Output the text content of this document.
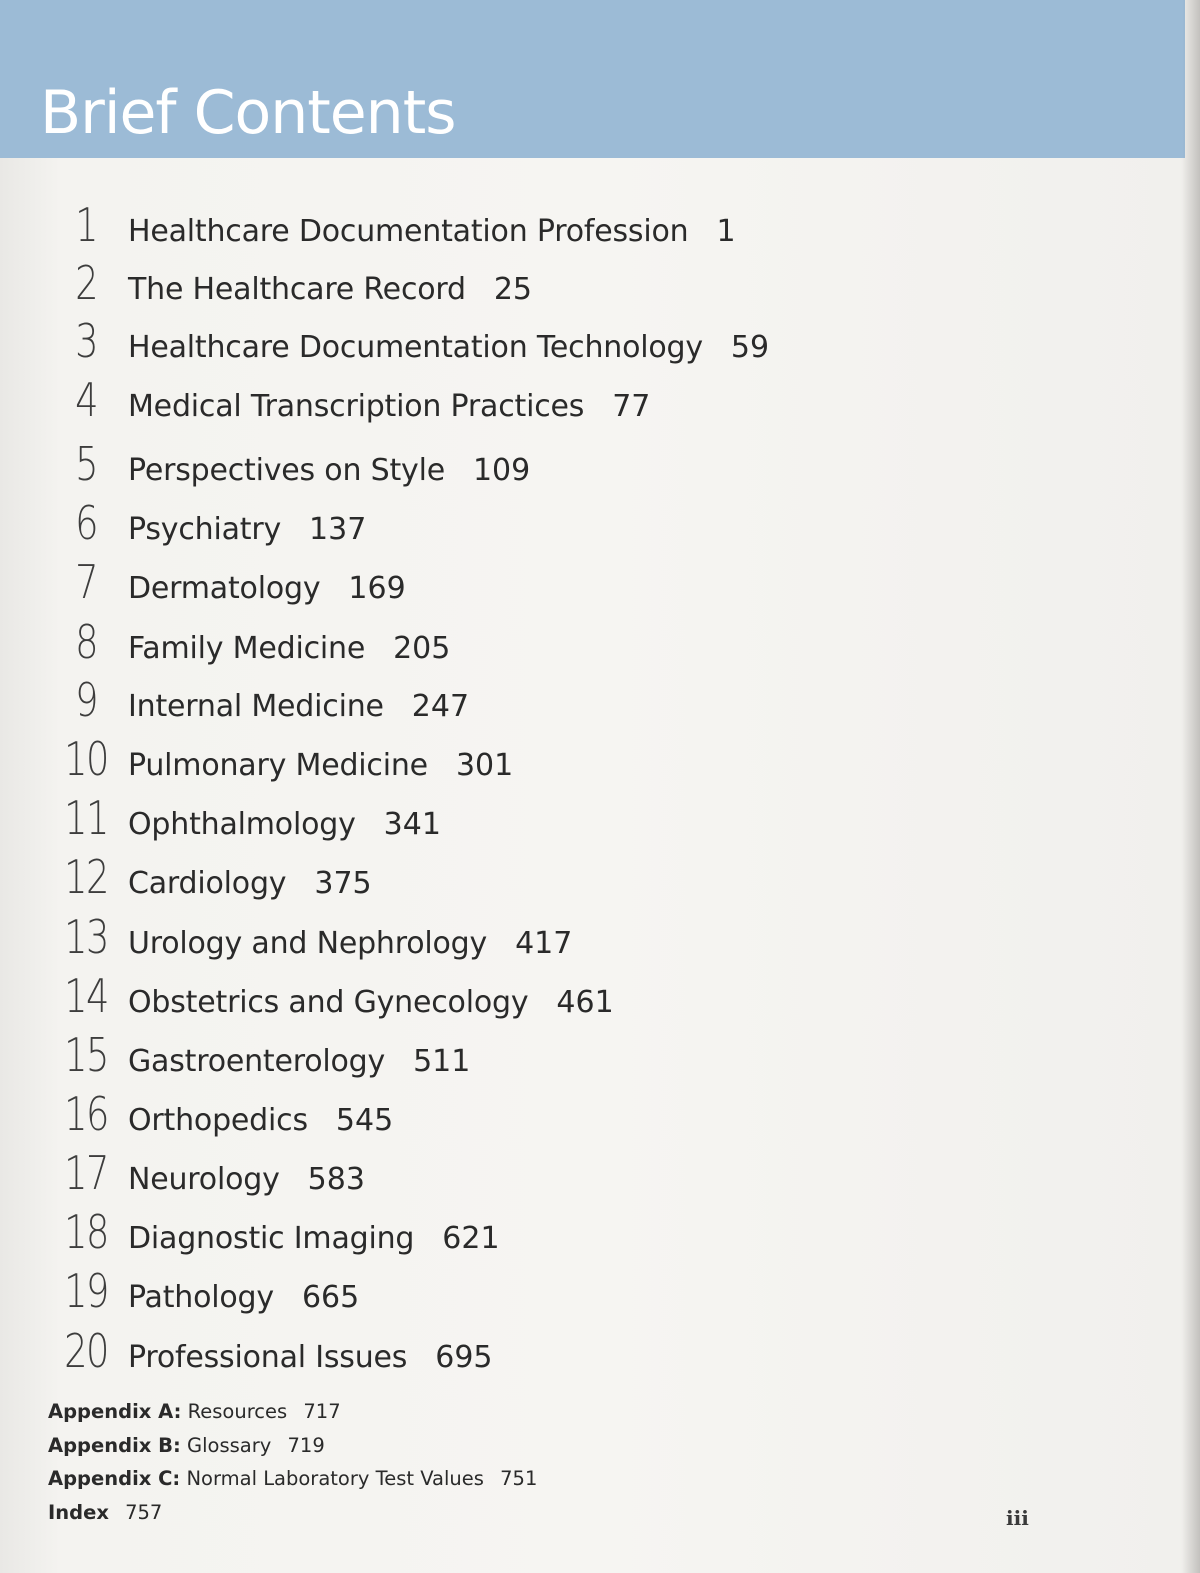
Brief Contents
1	Healthcare Documentation Profession 1
2	The Healthcare Record 25
3	Healthcare Documentation Technology 59
4	Medical Transcription Practices 77
5	Perspectives on Style 109
6	Psychiatry 137
7	Dermatology 169
8	Family Medicine 205
9	Internal Medicine 247
10 Pulmonary Medicine 301
11 Ophthalmology 341
12 Cardiology 375
13 Urology and Nephrology 417
14 Obstetrics and Gynecology 461
15 Gastroenterology 511
16 Orthopedics 545
17 Neurology 583
18 Diagnostic Imaging 621
19 Pathology 665
20 Professional Issues 695
Appendix A: Resources 717
Appendix B: Glossary 719
Appendix C: Normal Laboratory Test Values 751
Index 757	iii
